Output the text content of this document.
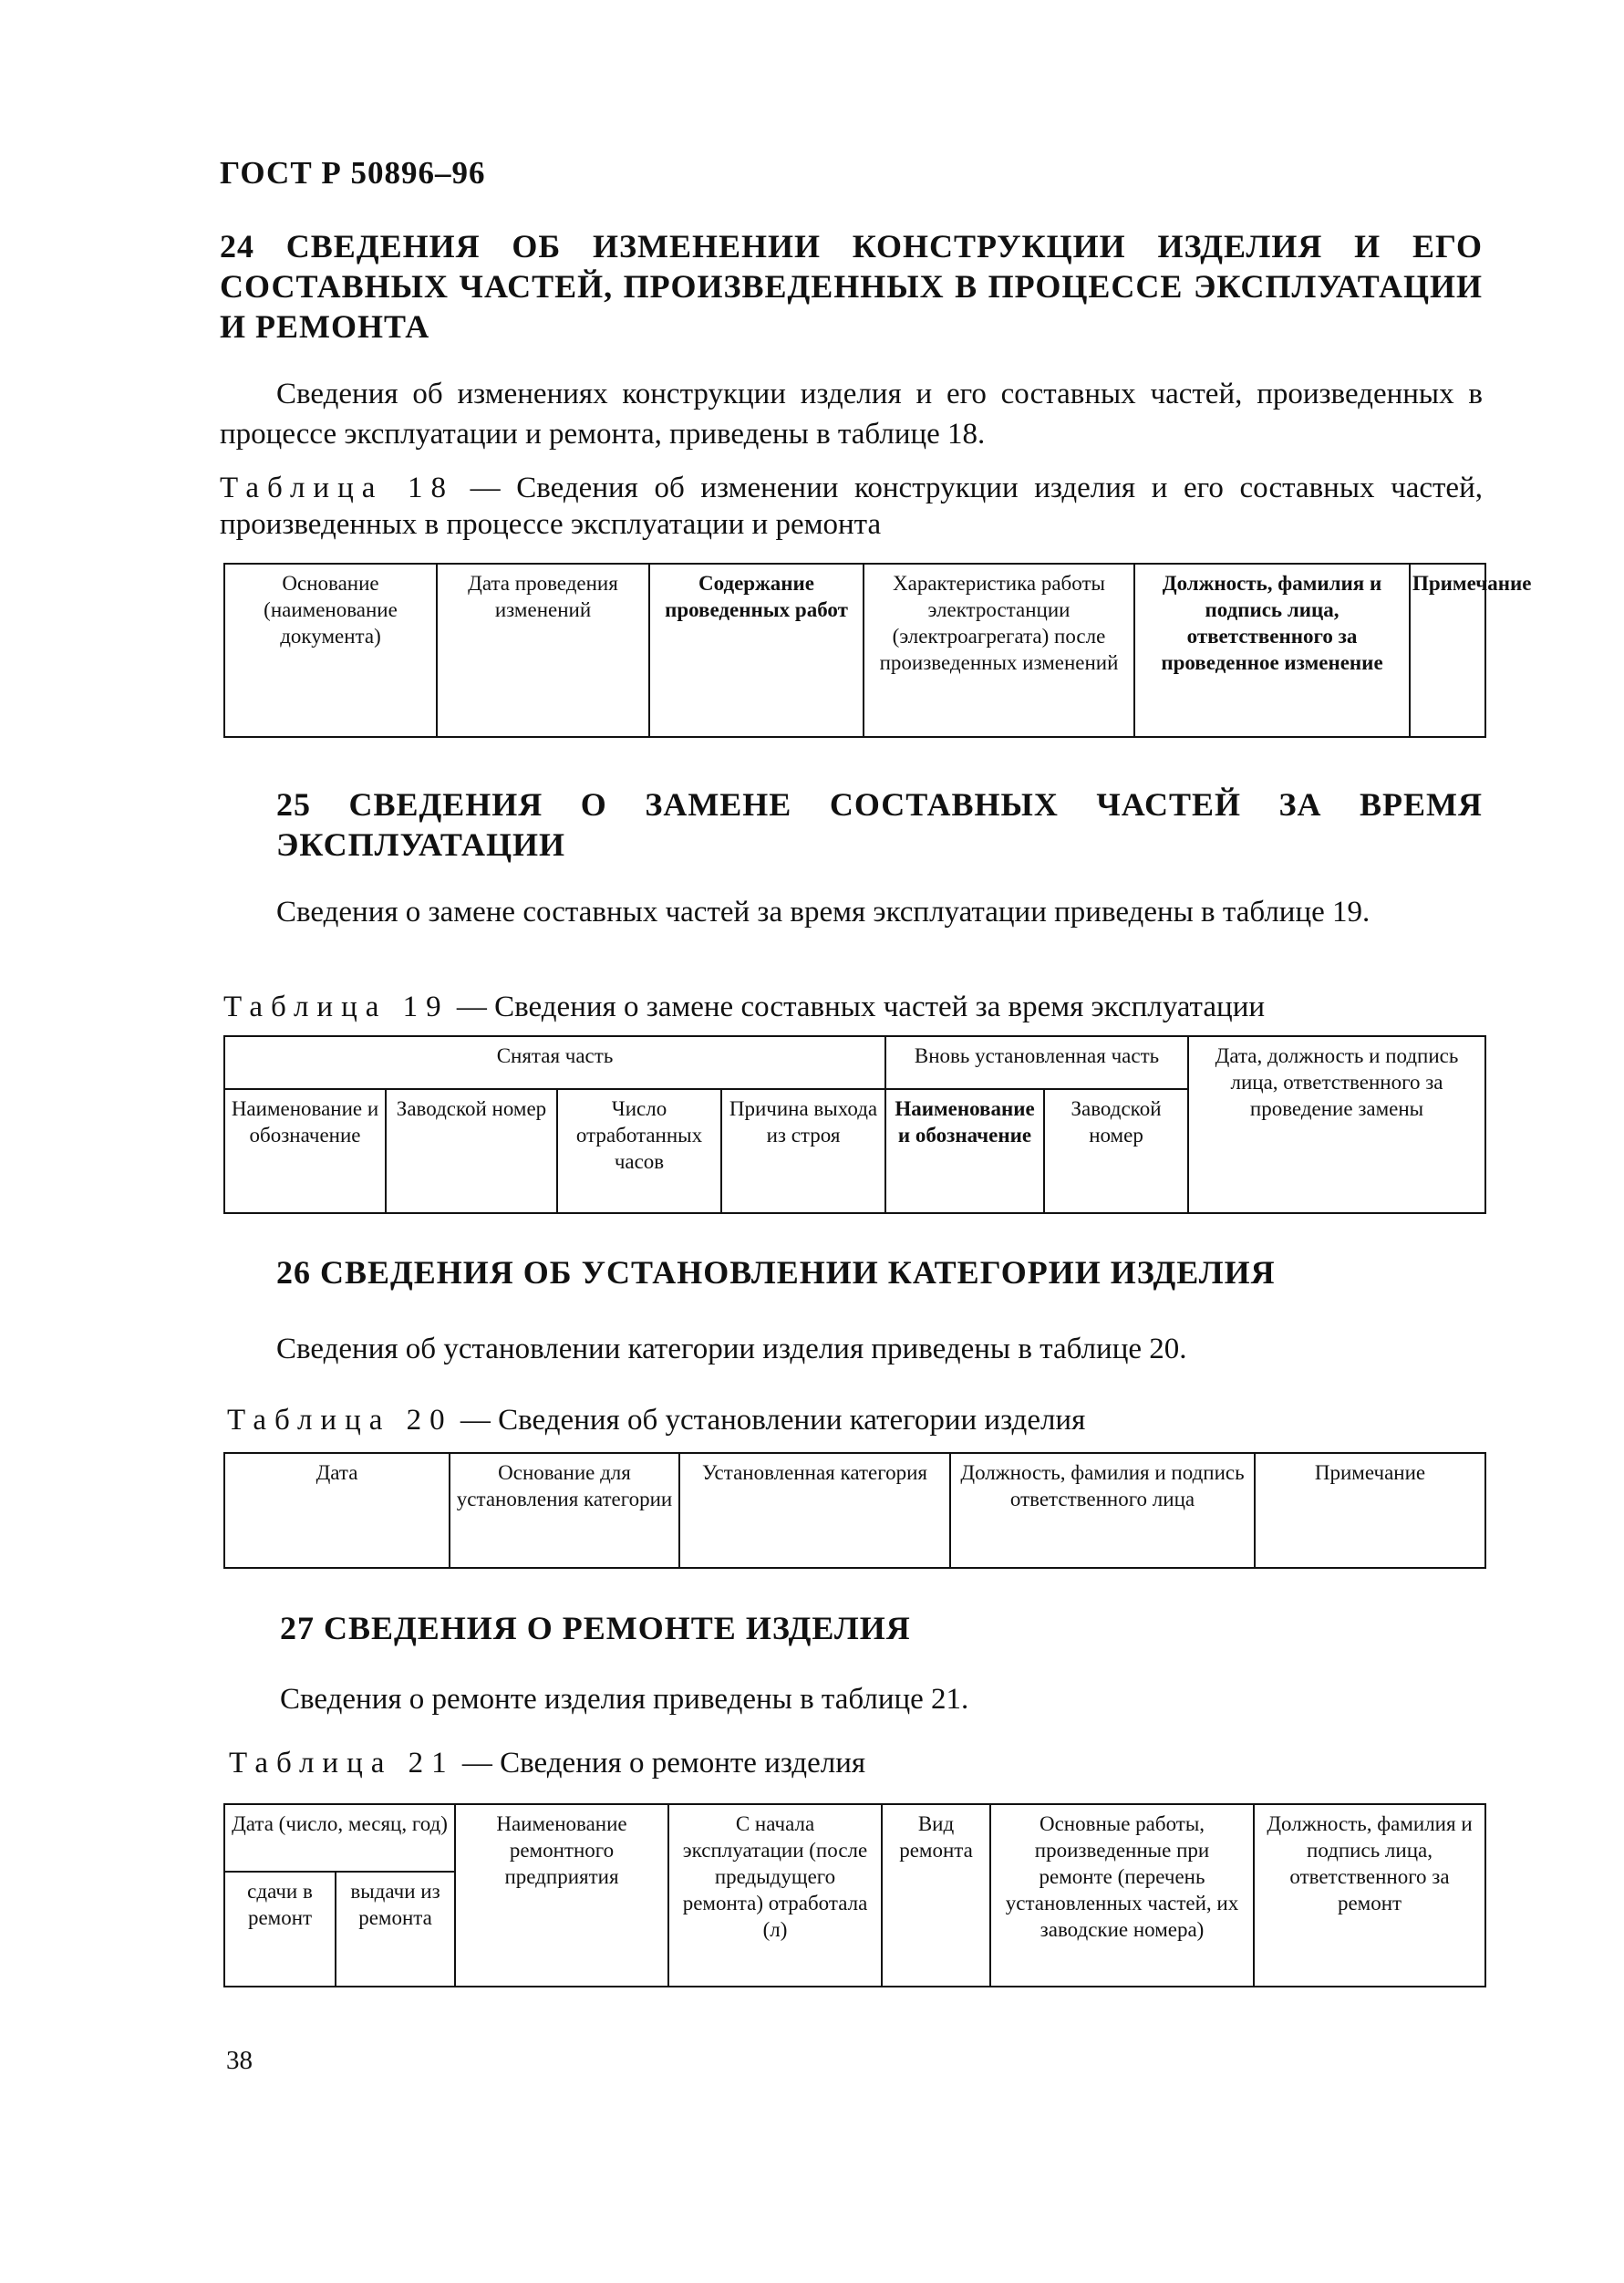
ГОСТ Р 50896–96
24 СВЕДЕНИЯ ОБ ИЗМЕНЕНИИ КОНСТРУКЦИИ ИЗДЕЛИЯ И ЕГО СОСТАВНЫХ ЧАСТЕЙ, ПРОИЗВЕДЕННЫХ В ПРОЦЕССЕ ЭКСПЛУАТАЦИИ И РЕМОНТА
Сведения об изменениях конструкции изделия и его составных частей, произведенных в процессе эксплуатации и ремонта, приведены в таблице 18.
Таблица 18 — Сведения об изменении конструкции изделия и его составных частей, произведенных в процессе эксплуатации и ремонта
Основание (наименование документа)	Дата проведения изменений	Содержание проведенных работ	Характеристика работы электростанции (электроагрегата) после произведенных изменений	Должность, фамилия и подпись лица, ответственного за проведенное изменение	Примечание
25 СВЕДЕНИЯ О ЗАМЕНЕ СОСТАВНЫХ ЧАСТЕЙ ЗА ВРЕМЯ ЭКСПЛУАТАЦИИ
Сведения о замене составных частей за время эксплуатации приведены в таблице 19.
Таблица 19 — Сведения о замене составных частей за время эксплуатации
Снятая часть				Вновь установленная часть		Дата, должность и подпись лица, ответственного за проведение замены
Наименование и обозначение	Заводской номер	Число отработанных часов	Причина выхода из строя	Наименование и обозначение	Заводской номер	
26 СВЕДЕНИЯ ОБ УСТАНОВЛЕНИИ КАТЕГОРИИ ИЗДЕЛИЯ
Сведения об установлении категории изделия приведены в таблице 20.
Таблица 20 — Сведения об установлении категории изделия
Дата	Основание для установления категории	Установленная категория	Должность, фамилия и подпись ответственного лица	Примечание
27 СВЕДЕНИЯ О РЕМОНТЕ ИЗДЕЛИЯ
Сведения о ремонте изделия приведены в таблице 21.
Таблица 21 — Сведения о ремонте изделия
Дата (число, месяц, год)		Наименование ремонтного предприятия	С начала эксплуатации (после предыдущего ремонта) отработала (л)	Вид ремонта	Основные работы, произведенные при ремонте (перечень установленных частей, их заводские номера)	Должность, фамилия и подпись лица, ответственного за ремонт
сдачи в ремонт	выдачи из ремонта					
38
